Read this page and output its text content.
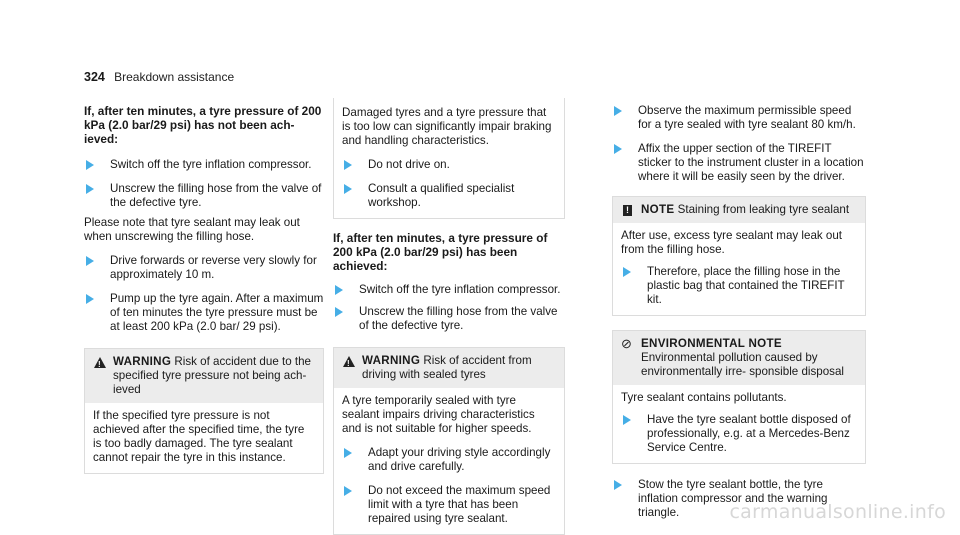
324 Breakdown assistance

If, after ten minutes, a tyre pressure of 200 kPa (2.0 bar/29 psi) has not been ach- ieved:

Switch off the tyre inflation compressor.

Unscrew the filling hose from the valve of the defective tyre.

Please note that tyre sealant may leak out when unscrewing the filling hose.

Drive forwards or reverse very slowly for approximately 10 m.

Pump up the tyre again. After a maximum of ten minutes the tyre pressure must be at least 200 kPa (2.0 bar/ 29 psi).

!
WARNING Risk of accident due to the specified tyre pressure not being ach- ieved
If the specified tyre pressure is not achieved after the specified time, the tyre is too badly damaged. The tyre sealant cannot repair the tyre in this instance.

Damaged tyres and a tyre pressure that is too low can significantly impair braking and handling characteristics.

Do not drive on.

Consult a qualified specialist workshop.

If, after ten minutes, a tyre pressure of 200 kPa (2.0 bar/29 psi) has been achieved:

Switch off the tyre inflation compressor.

Unscrew the filling hose from the valve of the defective tyre.

!
WARNING Risk of accident from driving with sealed tyres

A tyre temporarily sealed with tyre sealant impairs driving characteristics and is not suitable for higher speeds.

Adapt your driving style accordingly and drive carefully.

Do not exceed the maximum speed limit with a tyre that has been repaired using tyre sealant.

Observe the maximum permissible speed for a tyre sealed with tyre sealant 80 km/h.

Affix the upper section of the TIREFIT sticker to the instrument cluster in a location where it will be easily seen by the driver.

! NOTE Staining from leaking tyre sealant

After use, excess tyre sealant may leak out from the filling hose.

Therefore, place the filling hose in the plastic bag that contained the TIREFIT kit.

⊘ ENVIRONMENTAL NOTE Environmental pollution caused by environmentally irre- sponsible disposal

Tyre sealant contains pollutants.

Have the tyre sealant bottle disposed of professionally, e.g. at a Mercedes-Benz Service Centre.

Stow the tyre sealant bottle, the tyre inflation compressor and the warning triangle.	carmanualsonline.info
